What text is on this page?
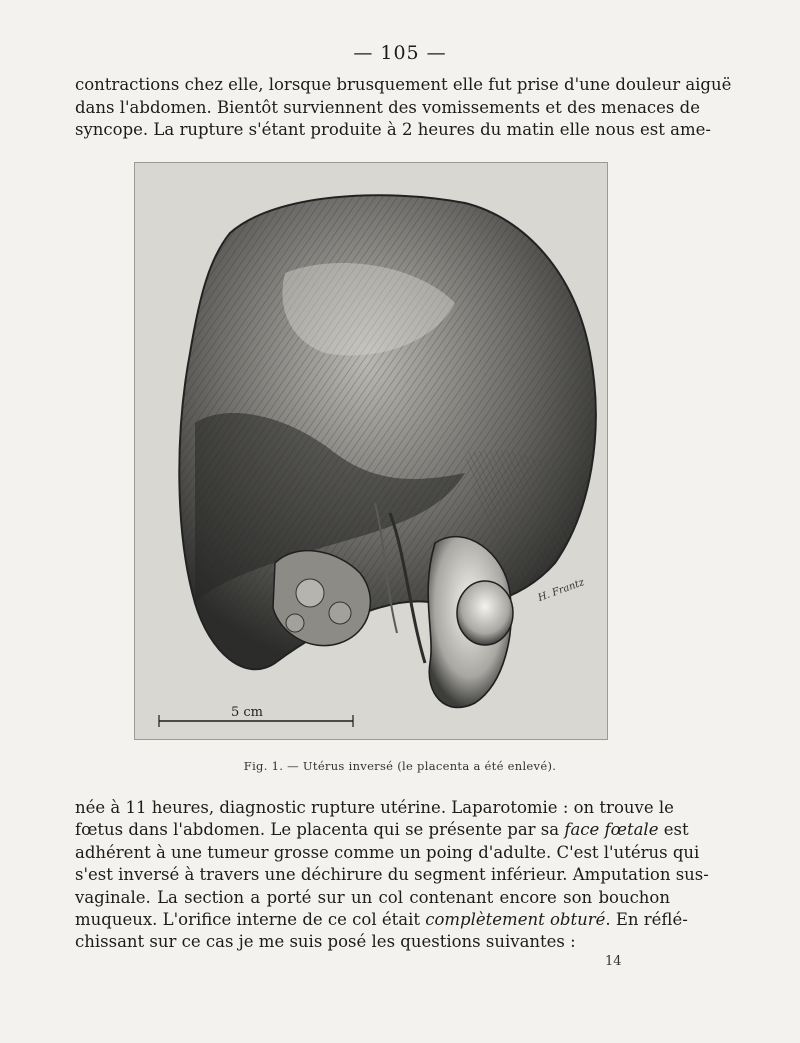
— 105 —
contractions chez elle, lorsque brusquement elle fut prise d'une douleur aiguë
dans l'abdomen. Bientôt surviennent des vomissements et des menaces de
syncope. La rupture s'étant produite à 2 heures du matin elle nous est ame-
5 cm
H. Frantz
Fig. 1. — Utérus inversé (le placenta a été enlevé).
née à 11 heures, diagnostic rupture utérine. Laparotomie : on trouve le
fœtus dans l'abdomen. Le placenta qui se présente par sa face fœtale est
adhérent à une tumeur grosse comme un poing d'adulte. C'est l'utérus qui
s'est inversé à travers une déchirure du segment inférieur. Amputation sus-
vaginale. La section a porté sur un col contenant encore son bouchon
muqueux. L'orifice interne de ce col était complètement obturé. En réflé-
chissant sur ce cas je me suis posé les questions suivantes :
14
